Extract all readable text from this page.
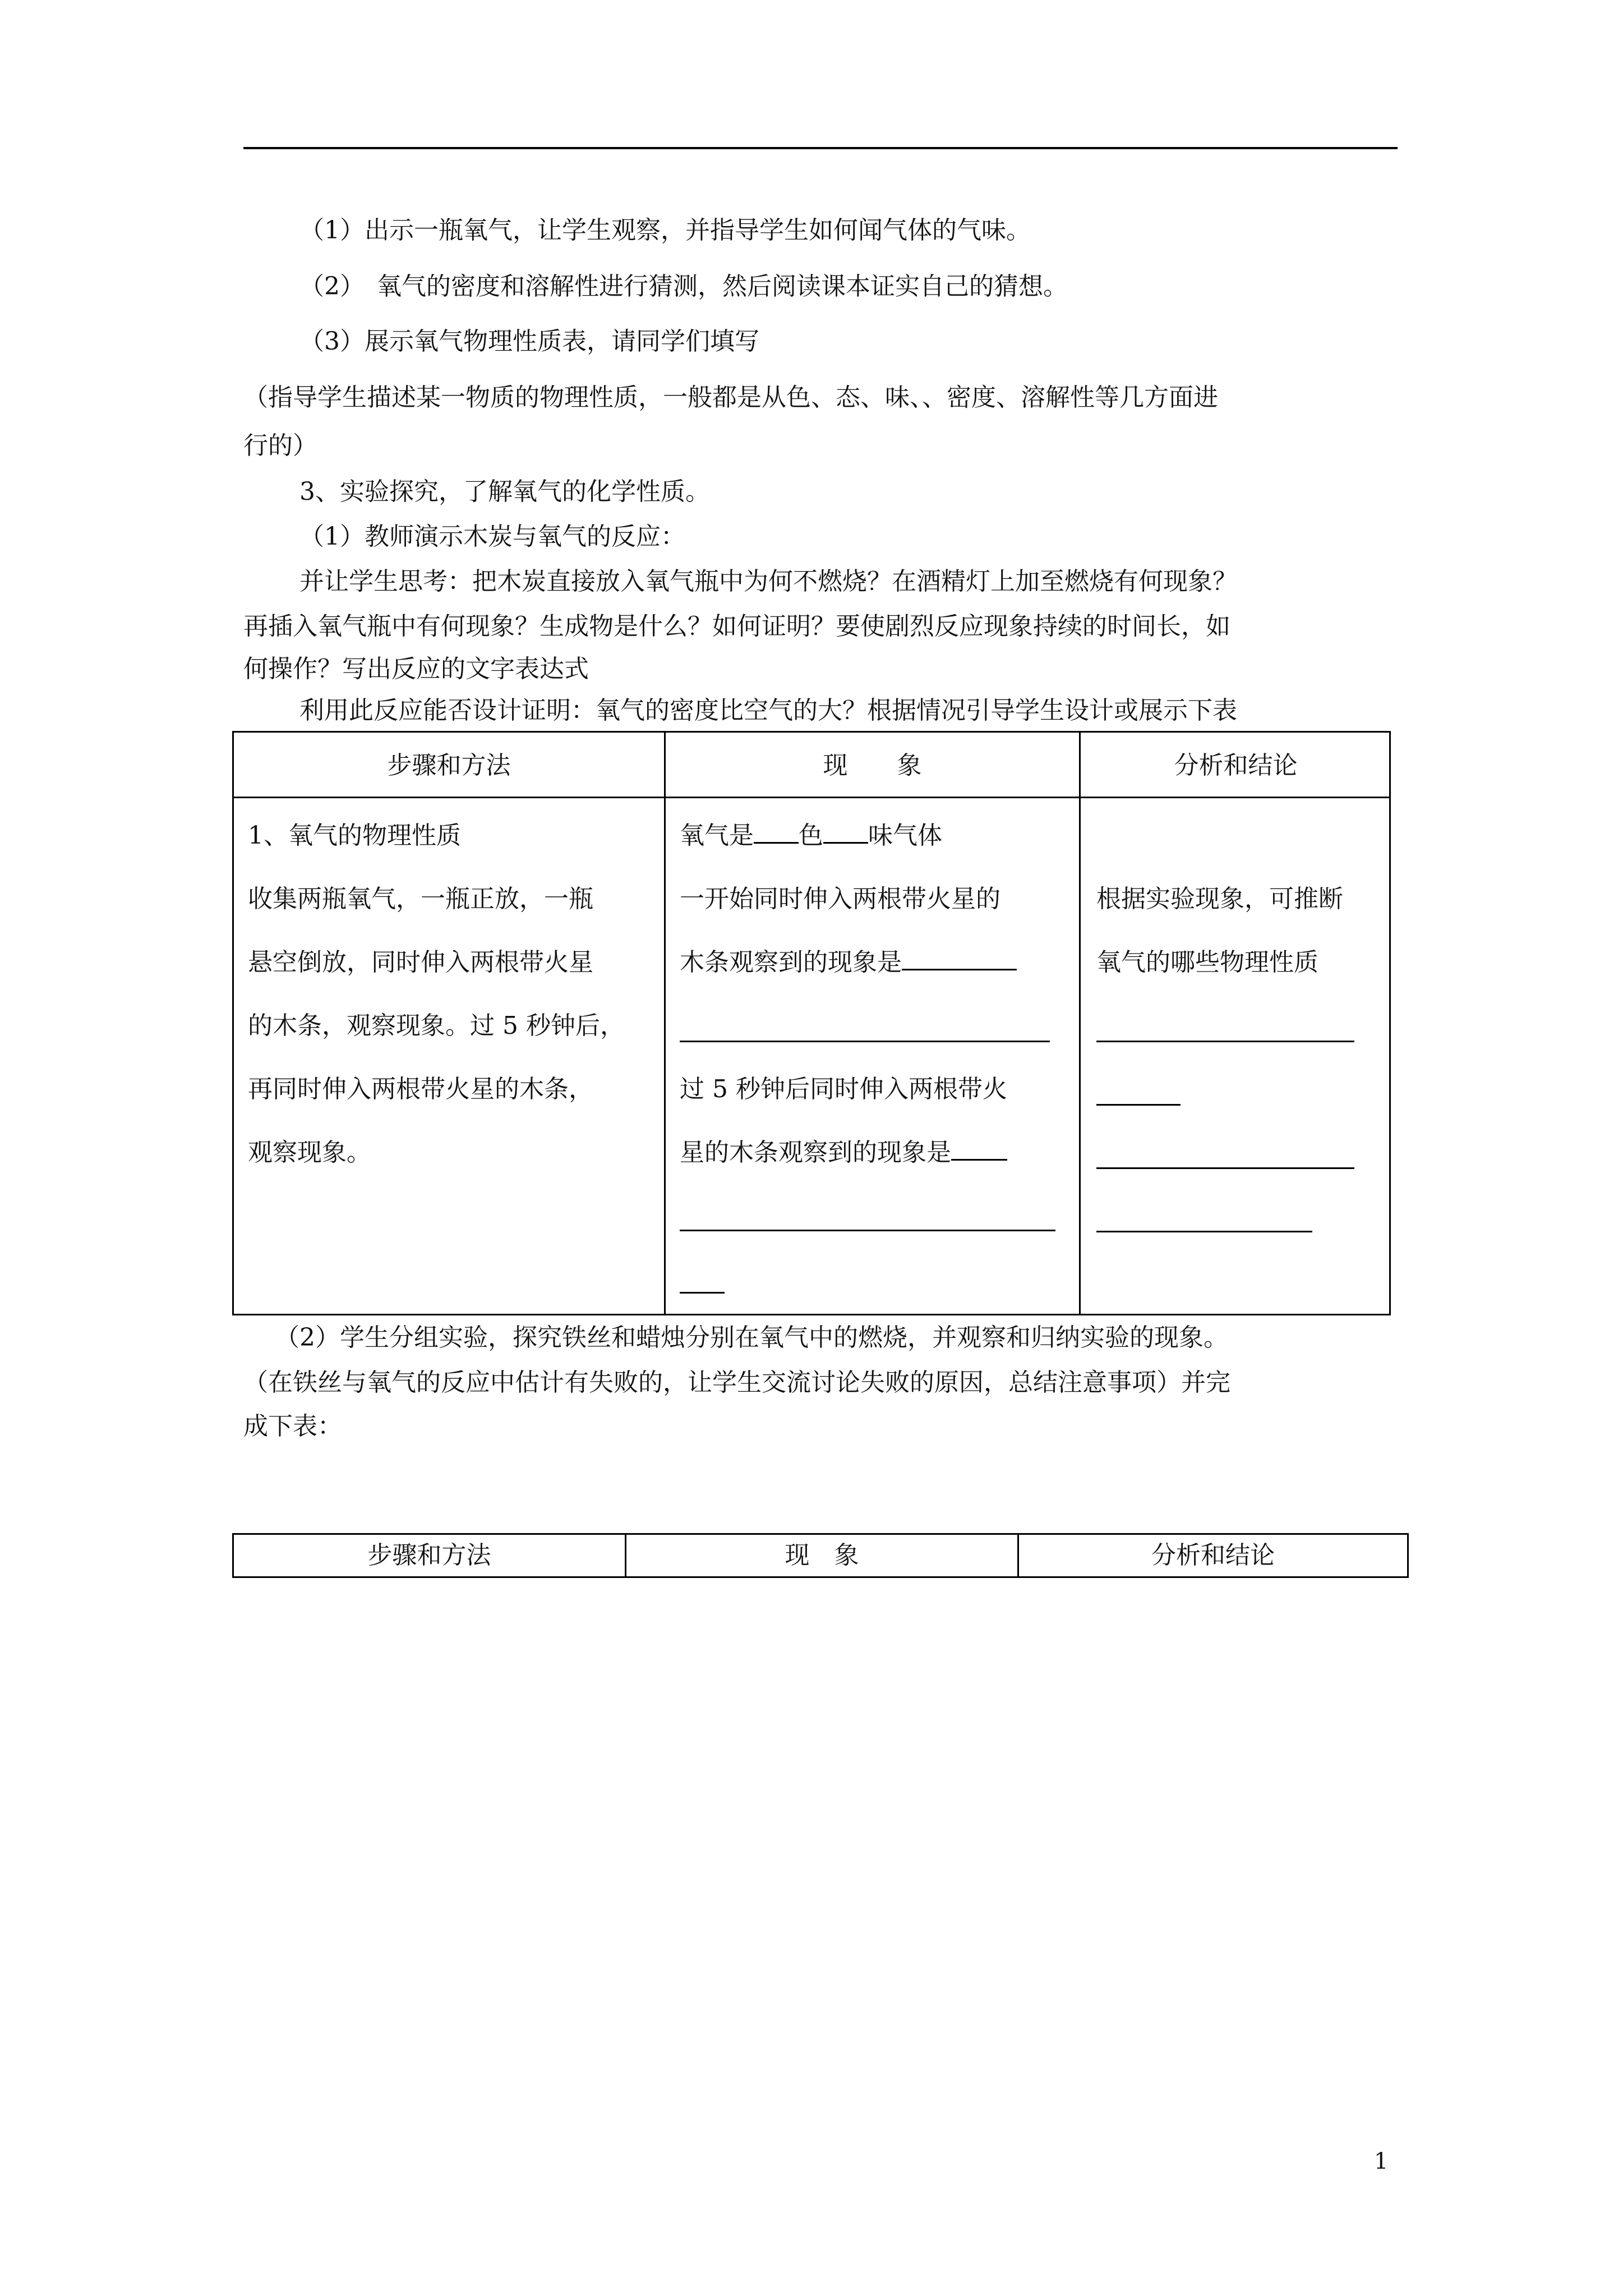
（1）出示一瓶氧气，让学生观察，并指导学生如何闻气体的气味。
（2）　氧气的密度和溶解性进行猜测，然后阅读课本证实自己的猜想。
（3）展示氧气物理性质表，请同学们填写
（指导学生描述某一物质的物理性质，一般都是从色、态、味、、密度、溶解性等几方面进
行的）
3、实验探究，了解氧气的化学性质。
（1）教师演示木炭与氧气的反应：
并让学生思考：把木炭直接放入氧气瓶中为何不燃烧？在酒精灯上加至燃烧有何现象？
再插入氧气瓶中有何现象？生成物是什么？如何证明？要使剧烈反应现象持续的时间长，如
何操作？写出反应的文字表达式
利用此反应能否设计证明：氧气的密度比空气的大？根据情况引导学生设计或展示下表
步骤和方法
1、氧气的物理性质
收集两瓶氧气，一瓶正放，一瓶
悬空倒放，同时伸入两根带火星
的木条，观察现象。过 5 秒钟后，
再同时伸入两根带火星的木条，
观察现象。
现　　象
氧气是 色 味气体
一开始同时伸入两根带火星的
木条观察到的现象是
过 5 秒钟后同时伸入两根带火
星的木条观察到的现象是
分析和结论
根据实验现象，可推断
氧气的哪些物理性质
（2）学生分组实验，探究铁丝和蜡烛分别在氧气中的燃烧，并观察和归纳实验的现象。
（在铁丝与氧气的反应中估计有失败的，让学生交流讨论失败的原因，总结注意事项）并完
成下表：
步骤和方法	现　象	分析和结论
1
